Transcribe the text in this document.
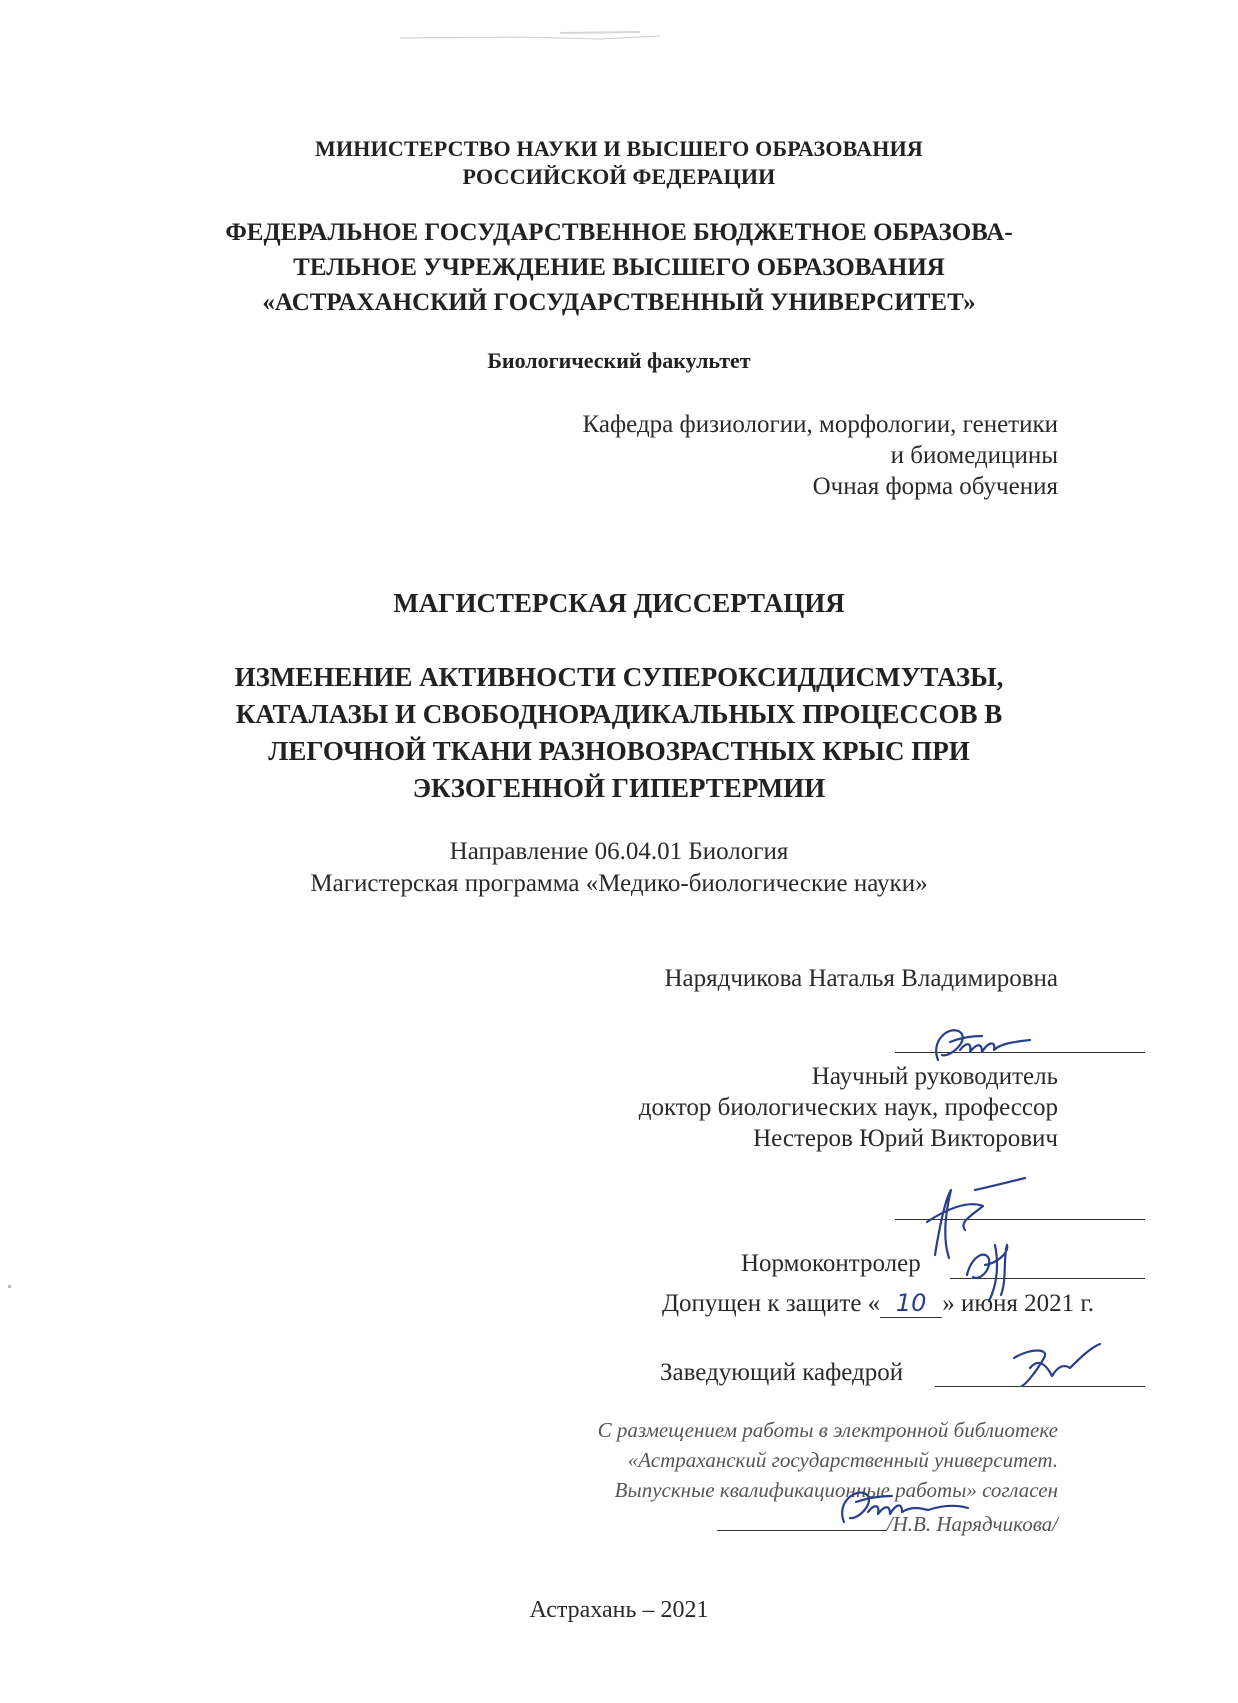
МИНИСТЕРСТВО НАУКИ И ВЫСШЕГО ОБРАЗОВАНИЯ
РОССИЙСКОЙ ФЕДЕРАЦИИ
ФЕДЕРАЛЬНОЕ ГОСУДАРСТВЕННОЕ БЮДЖЕТНОЕ ОБРАЗОВА-
ТЕЛЬНОЕ УЧРЕЖДЕНИЕ ВЫСШЕГО ОБРАЗОВАНИЯ
«АСТРАХАНСКИЙ ГОСУДАРСТВЕННЫЙ УНИВЕРСИТЕТ»
Биологический факультет
Кафедра физиологии, морфологии, генетики
и биомедицины
Очная форма обучения
МАГИСТЕРСКАЯ ДИССЕРТАЦИЯ
ИЗМЕНЕНИЕ АКТИВНОСТИ СУПЕРОКСИДДИСМУТАЗЫ,
КАТАЛАЗЫ И СВОБОДНОРАДИКАЛЬНЫХ ПРОЦЕССОВ В
ЛЕГОЧНОЙ ТКАНИ РАЗНОВОЗРАСТНЫХ КРЫС ПРИ
ЭКЗОГЕННОЙ ГИПЕРТЕРМИИ
Направление 06.04.01 Биология
Магистерская программа «Медико-биологические науки»
Нарядчикова Наталья Владимировна
Научный руководитель
доктор биологических наук, профессор
Нестеров Юрий Викторович
Нормоконтролер
Допущен к защите « 10 » июня 2021 г.
Заведующий кафедрой
С размещением работы в электронной библиотеке
«Астраханский государственный университет.
Выпускные квалификационные работы» согласен
/Н.В. Нарядчикова/
Астрахань – 2021
